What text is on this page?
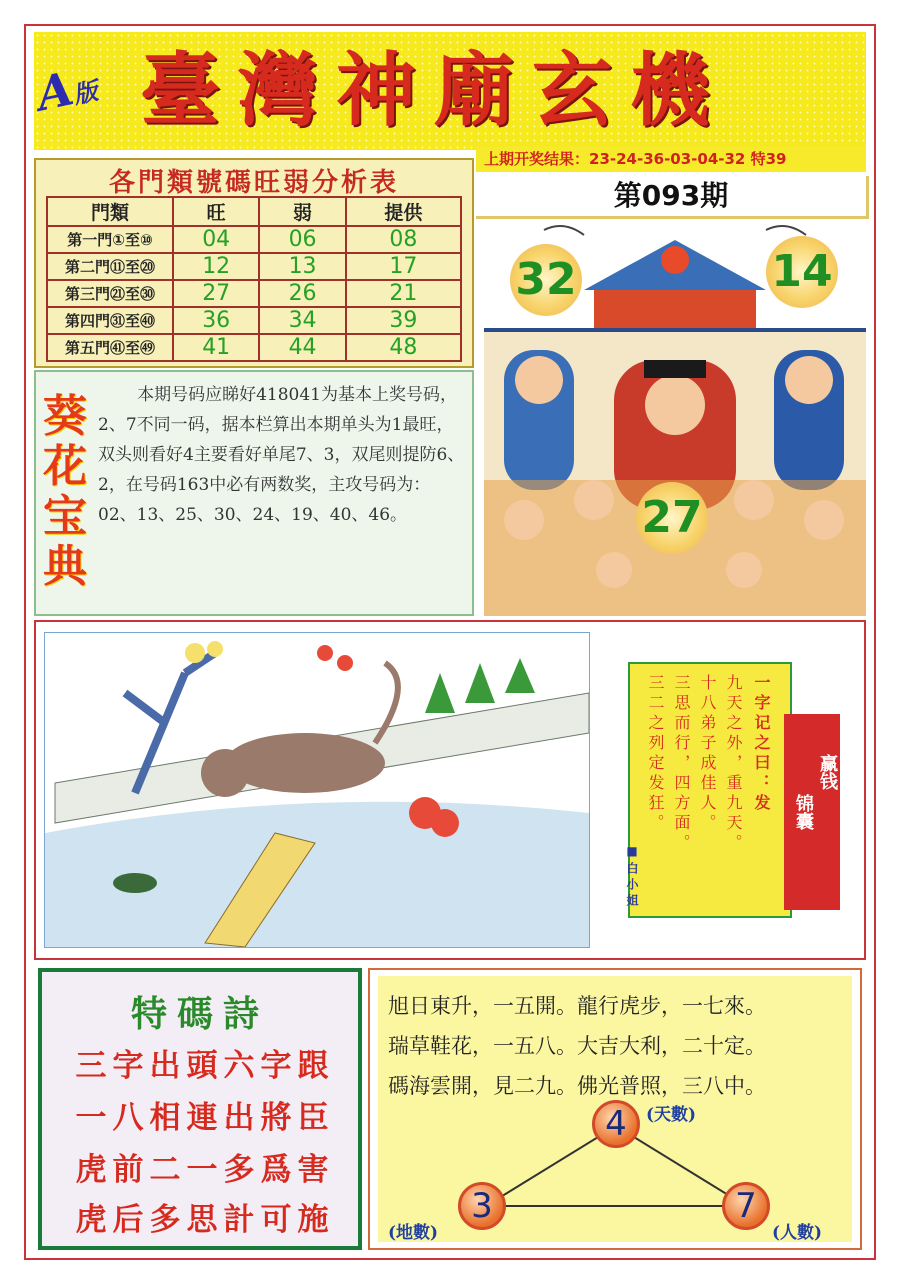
A版 臺灣神廟玄機
各門類號碼旺弱分析表
門類	旺	弱	提供
第一門①至⑩	04	06	08
第二門⑪至⑳	12	13	17
第三門㉑至㉚	27	26	21
第四門㉛至㊵	36	34	39
第五門㊶至㊾	41	44	48
上期开奖结果：23-24-36-03-04-32 特39
第093期
32	14
27
葵花宝典
本期号码应睇好418041为基本上奖号码，2、7不同一码，据本栏算出本期单头为1最旺，双头则看好4主要看好单尾7、3，双尾则提防6、2，在号码163中必有两数奖，主攻号码为：02、13、25、30、24、19、40、46。
一字记之曰：发
九天之外，重九天。
十八弟子成佳人。
三思而行，四方面。
三二之列定发狂。
■白小姐
赢钱
锦囊
特碼詩
三字出頭六字跟
一八相連出將臣
虎前二一多爲害
虎后多思計可施
旭日東升，一五開。龍行虎步，一七來。
瑞草鞋花，一五八。大吉大利，二十定。
碼海雲開，見二九。佛光普照，三八中。
4	(天數)
3
(地數)
7
(人數)
